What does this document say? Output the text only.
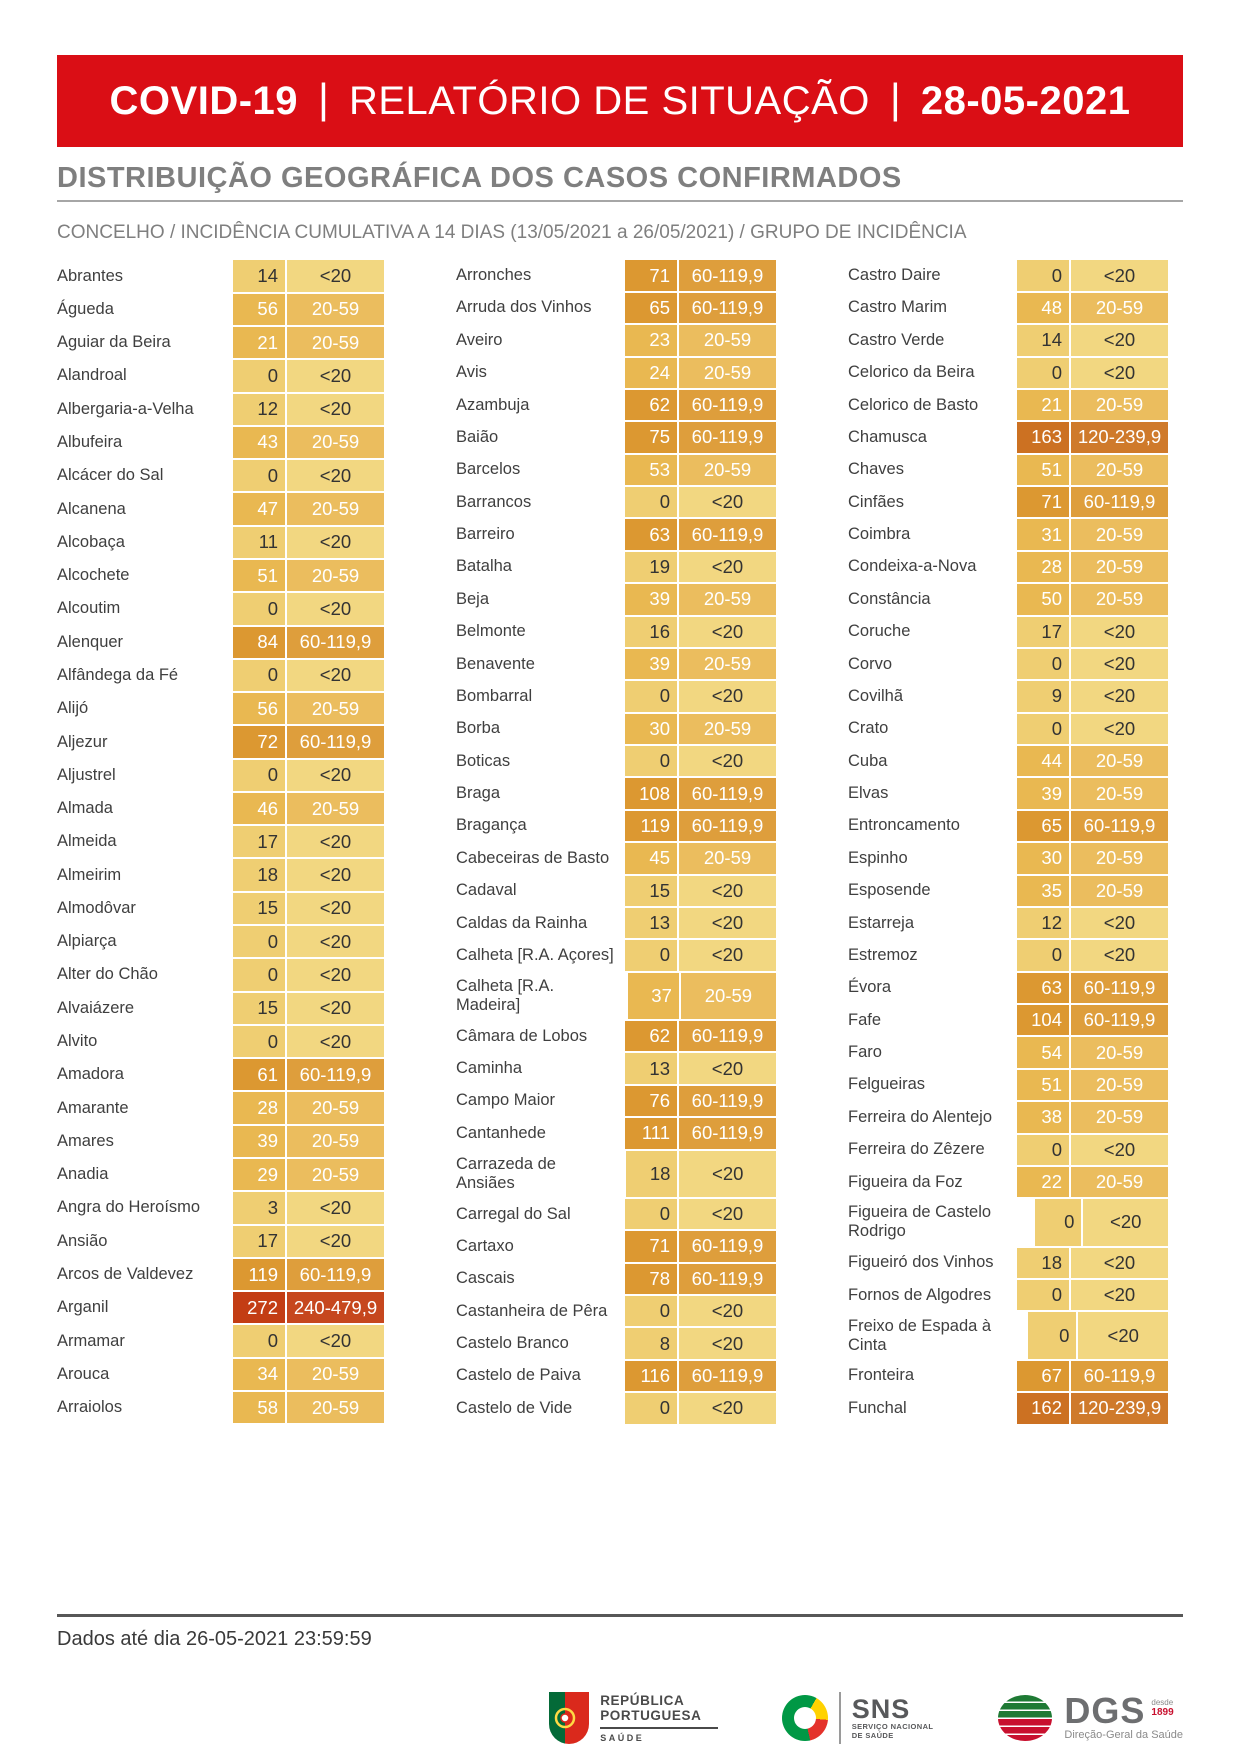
COVID-19 | RELATÓRIO DE SITUAÇÃO | 28-05-2021
DISTRIBUIÇÃO GEOGRÁFICA DOS CASOS CONFIRMADOS
CONCELHO / INCIDÊNCIA CUMULATIVA A 14 DIAS (13/05/2021 a 26/05/2021) / GRUPO DE INCIDÊNCIA
Abrantes	14	<20
Águeda	56	20-59
Aguiar da Beira	21	20-59
Alandroal	0	<20
Albergaria-a-Velha	12	<20
Albufeira	43	20-59
Alcácer do Sal	0	<20
Alcanena	47	20-59
Alcobaça	11	<20
Alcochete	51	20-59
Alcoutim	0	<20
Alenquer	84	60-119,9
Alfândega da Fé	0	<20
Alijó	56	20-59
Aljezur	72	60-119,9
Aljustrel	0	<20
Almada	46	20-59
Almeida	17	<20
Almeirim	18	<20
Almodôvar	15	<20
Alpiarça	0	<20
Alter do Chão	0	<20
Alvaiázere	15	<20
Alvito	0	<20
Amadora	61	60-119,9
Amarante	28	20-59
Amares	39	20-59
Anadia	29	20-59
Angra do Heroísmo	3	<20
Ansião	17	<20
Arcos de Valdevez	119	60-119,9
Arganil	272 240-479,9
Armamar	0	<20
Arouca	34	20-59
Arraiolos	58	20-59
Arronches	71	60-119,9
Arruda dos Vinhos	65	60-119,9
Aveiro	23	20-59
Avis	24	20-59
Azambuja	62	60-119,9
Baião	75	60-119,9
Barcelos	53	20-59
Barrancos	0	<20
Barreiro	63	60-119,9
Batalha	19	<20
Beja	39	20-59
Belmonte	16	<20
Benavente	39	20-59
Bombarral	0	<20
Borba	30	20-59
Boticas	0	<20
Braga	108	60-119,9
Bragança	119	60-119,9
Cabeceiras de Basto	45	20-59
Cadaval	15	<20
Caldas da Rainha	13	<20
Calheta [R.A. Açores]	0	<20
Calheta [R.A. Madeira]	37	20-59
Câmara de Lobos	62	60-119,9
Caminha	13	<20
Campo Maior	76	60-119,9
Cantanhede	111	60-119,9
Carrazeda de Ansiães	18	<20
Carregal do Sal	0	<20
Cartaxo	71	60-119,9
Cascais	78	60-119,9
Castanheira de Pêra	0	<20
Castelo Branco	8	<20
Castelo de Paiva	116	60-119,9
Castelo de Vide	0	<20
Castro Daire	0	<20
Castro Marim	48	20-59
Castro Verde	14	<20
Celorico da Beira	0	<20
Celorico de Basto	21	20-59
Chamusca	163 120-239,9
Chaves	51	20-59
Cinfães	71	60-119,9
Coimbra	31	20-59
Condeixa-a-Nova	28	20-59
Constância	50	20-59
Coruche	17	<20
Corvo	0	<20
Covilhã	9	<20
Crato	0	<20
Cuba	44	20-59
Elvas	39	20-59
Entroncamento	65	60-119,9
Espinho	30	20-59
Esposende	35	20-59
Estarreja	12	<20
Estremoz	0	<20
Évora	63	60-119,9
Fafe	104	60-119,9
Faro	54	20-59
Felgueiras	51	20-59
Ferreira do Alentejo	38	20-59
Ferreira do Zêzere	0	<20
Figueira da Foz	22	20-59
Figueira de Castelo Rodrigo	0	<20
Figueiró dos Vinhos	18	<20
Fornos de Algodres	0	<20
Freixo de Espada à Cinta	0	<20
Fronteira	67	60-119,9
Funchal	162 120-239,9
Dados até dia 26-05-2021 23:59:59
REPÚBLICA
PORTUGUESA
SAÚDE
SNS
SERVIÇO NACIONAL
DE SAÚDE
DGS desde
1899
Direção-Geral da Saúde
